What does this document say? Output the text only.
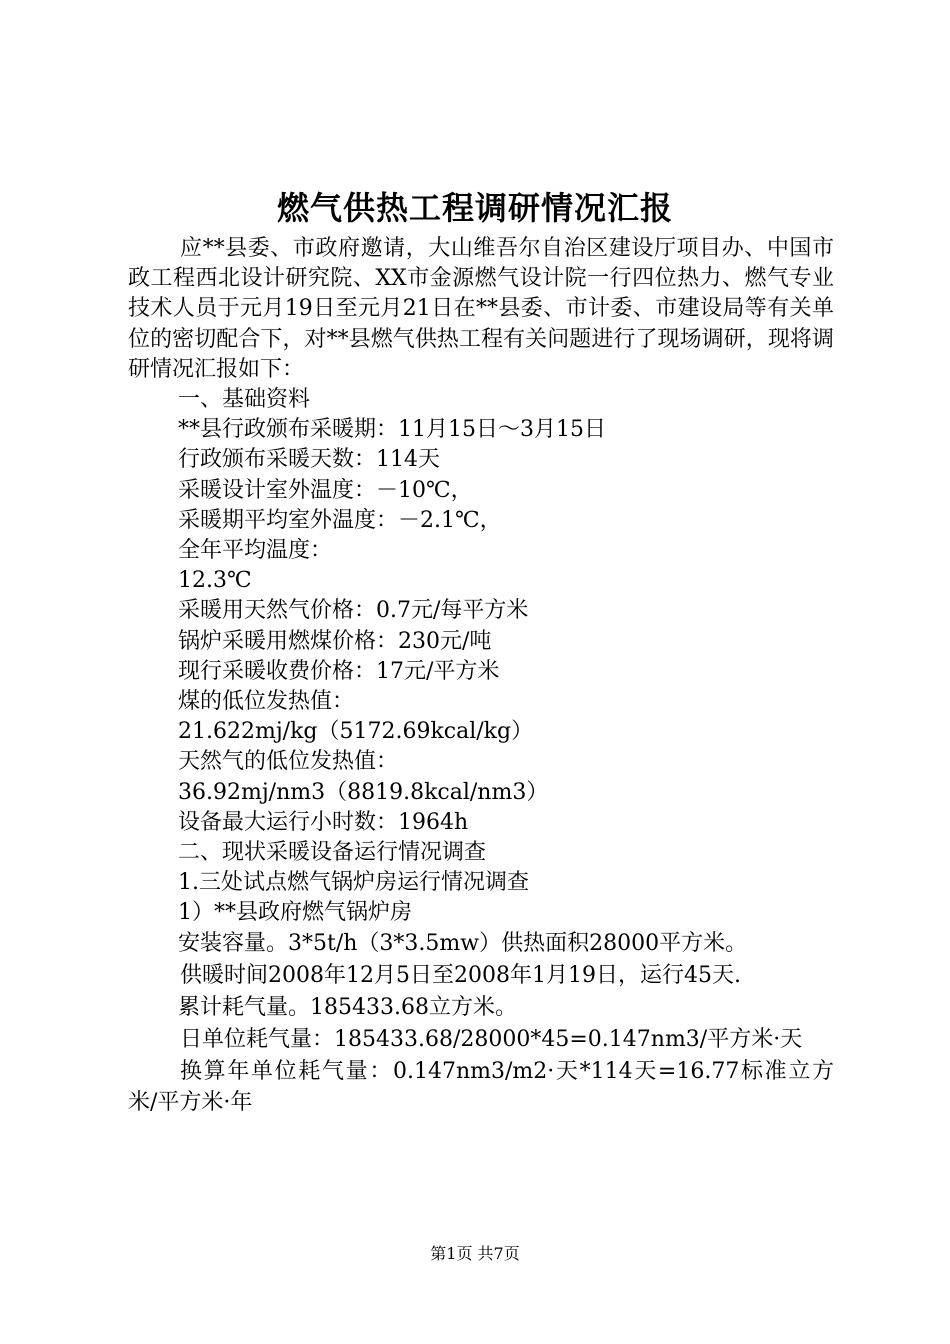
燃气供热工程调研情况汇报

应**县委、市政府邀请，大山维吾尔自治区建设厅项目办、中国市政工程西北设计研究院、XX市金源燃气设计院一行四位热力、燃气专业技术人员于元月19日至元月21日在**县委、市计委、市建设局等有关单位的密切配合下，对**县燃气供热工程有关问题进行了现场调研，现将调研情况汇报如下：

一、基础资料

**县行政颁布采暖期：11月15日～3月15日

行政颁布采暖天数：114天

采暖设计室外温度：－10℃，

采暖期平均室外温度：－2.1℃，

全年平均温度：

12.3℃

采暖用天然气价格：0.7元/每平方米

锅炉采暖用燃煤价格：230元/吨

现行采暖收费价格：17元/平方米

煤的低位发热值：

21.622mj/kg（5172.69kcal/kg）

天然气的低位发热值：

36.92mj/nm3（8819.8kcal/nm3）

设备最大运行小时数：1964h

二、现状采暖设备运行情况调查

1.三处试点燃气锅炉房运行情况调查

1）**县政府燃气锅炉房

安装容量。3*5t/h（3*3.5mw）供热面积28000平方米。

供暖时间2008年12月5日至2008年1月19日，运行45天.

累计耗气量。185433.68立方米。

日单位耗气量：185433.68/28000*45=0.147nm3/平方米·天

换算年单位耗气量：0.147nm3/m2·天*114天=16.77标准立方米/平方米·年

第1页 共7页
